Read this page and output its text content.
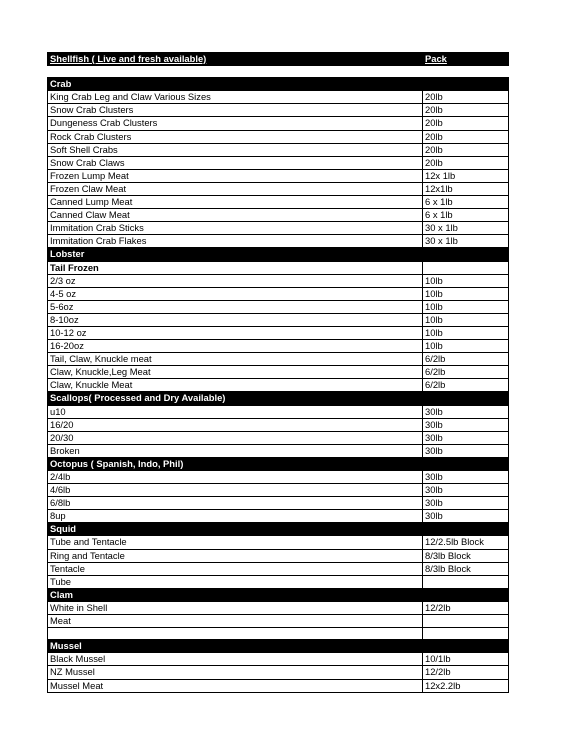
Shellfish ( Live and fresh available)	Pack

Crab	
King Crab Leg and Claw Various Sizes	20lb
Snow Crab Clusters	20lb
Dungeness Crab Clusters	20lb
Rock Crab Clusters	20lb
Soft Shell Crabs	20lb
Snow Crab Claws	20lb
Frozen Lump Meat	12x 1lb
Frozen Claw Meat	12x1lb
Canned Lump Meat	6 x 1lb
Canned Claw Meat	6 x 1lb
Immitation Crab Sticks	30 x 1lb
Immitation Crab Flakes	30 x 1lb
Lobster	
Tail Frozen	
2/3 oz	10lb
4-5 oz	10lb
5-6oz	10lb
8-10oz	10lb
10-12 oz	10lb
16-20oz	10lb
Tail, Claw, Knuckle meat	6/2lb
Claw, Knuckle,Leg Meat	6/2lb
Claw, Knuckle Meat	6/2lb
Scallops( Processed and Dry Available)	
u10	30lb
16/20	30lb
20/30	30lb
Broken	30lb
Octopus ( Spanish, Indo, Phil)	
2/4lb	30lb
4/6lb	30lb
6/8lb	30lb
8up	30lb
Squid	
Tube and Tentacle	12/2.5lb Block
Ring and Tentacle	8/3lb Block
Tentacle	8/3lb Block
Tube	
Clam	
White in Shell	12/2lb
Meat	

Mussel	
Black Mussel	10/1lb
NZ Mussel	12/2lb
Mussel Meat	12x2.2lb
